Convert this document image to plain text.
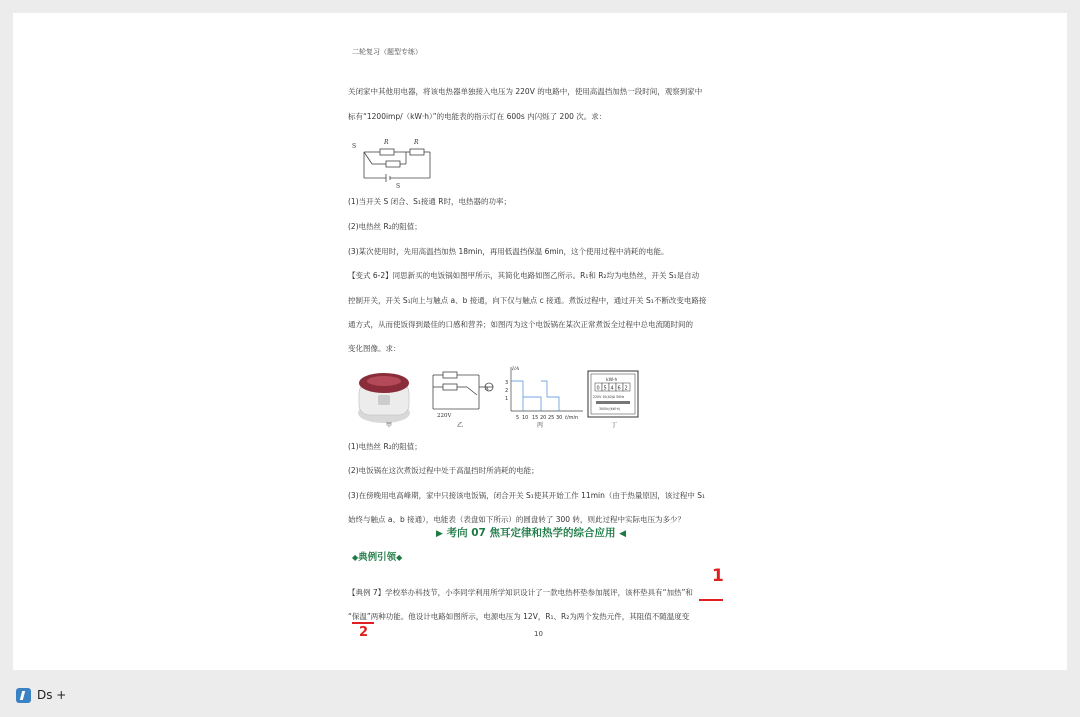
二轮复习（题型专练）
关闭家中其他用电器，将该电热器单独接入电压为 220V 的电路中，使用高温挡加热一段时间，观察到家中
标有“1200imp/（kW·h）”的电能表的指示灯在 600s 内闪烁了 200 次。求：
S
R	R
S
(1)当开关 S 闭合、S₁接通 R时，电热器的功率；
(2)电热丝 R₂的阻值；
(3)某次使用时，先用高温挡加热 18min，再用低温挡保温 6min，这个使用过程中消耗的电能。
【变式 6-2】同思新买的电饭锅如图甲所示，其简化电路如图乙所示。R₁和 R₂均为电热丝，开关 S₁是自动
控制开关，开关 S₁向上与触点 a、b 接通，向下仅与触点 c 接通。煮饭过程中，通过开关 S₁不断改变电路接
通方式，从而使饭得到最佳的口感和营养；如图丙为这个电饭锅在某次正常煮饭全过程中总电流随时间的
变化图像。求：
甲
A
220V
乙
I/A
3
2
1
5 10 15 20 25 30 t/min
丙
kW·h
0 5 4 6 2
220V 10(40)A 50Hz
3000r/(kW·h)
丁
(1)电热丝 R₂的阻值；
(2)电饭锅在这次煮饭过程中处于高温挡时所消耗的电能；
(3)在傍晚用电高峰期，家中只接该电饭锅，闭合开关 S₁使其开始工作 11min（由于热量原因，该过程中 S₁
始终与触点 a、b 接通），电能表（表盘如下所示）的圆盘转了 300 转，则此过程中实际电压为多少？
▶ 考向 07 焦耳定律和热学的综合应用 ◀
◆典例引领◆
【典例 7】学校举办科技节，小李同学利用所学知识设计了一款电热杯垫参加展评，该杯垫具有“加热”和
“保温”两种功能。他设计电路如图所示，电源电压为 12V，R₁、R₂为两个发热元件，其阻值不随温度变
1
2	10
Ds +
